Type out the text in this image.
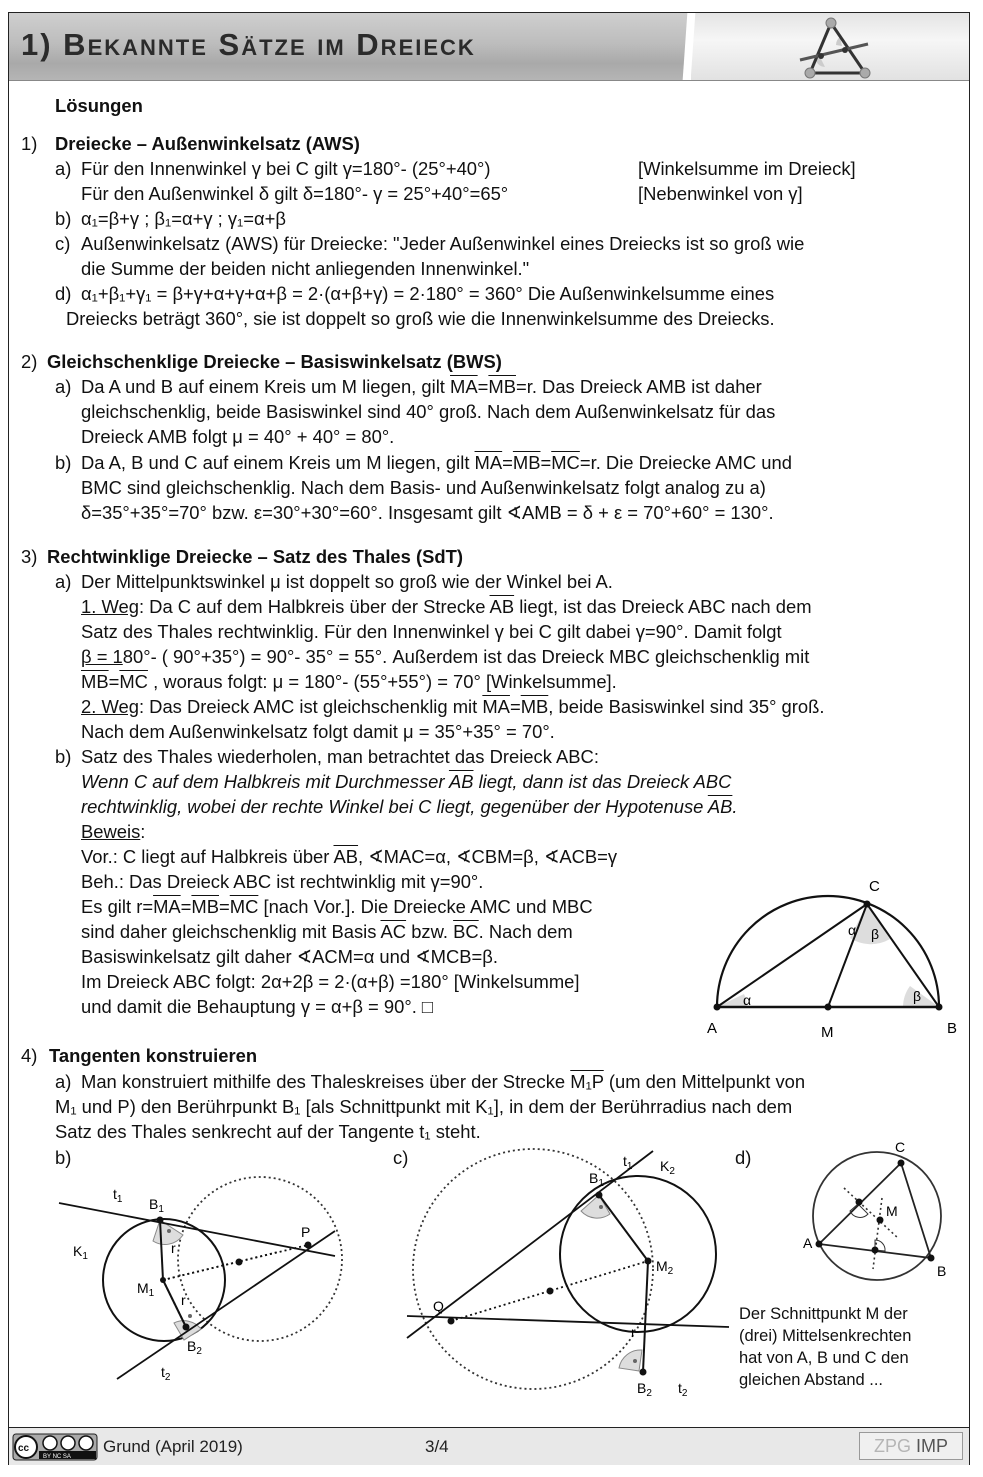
1) Bekannte Sätze im Dreieck
Lösungen
1) Dreiecke – Außenwinkelsatz (AWS)
a) Für den Innenwinkel γ bei C gilt γ=180°- (25°+40°)	[Winkelsumme im Dreieck]
Für den Außenwinkel δ gilt δ=180°- γ = 25°+40°=65°	[Nebenwinkel von γ]
b) α₁=β+γ ; β₁=α+γ ; γ₁=α+β
c) Außenwinkelsatz (AWS) für Dreiecke: "Jeder Außenwinkel eines Dreiecks ist so groß wie
die Summe der beiden nicht anliegenden Innenwinkel."
d) α₁+β₁+γ₁ = β+γ+α+γ+α+β = 2·(α+β+γ) = 2·180° = 360° Die Außenwinkelsumme eines
Dreiecks beträgt 360°, sie ist doppelt so groß wie die Innenwinkelsumme des Dreiecks.
2) Gleichschenklige Dreiecke – Basiswinkelsatz (BWS)
a) Da A und B auf einem Kreis um M liegen, gilt $\overline{MA}=\overline{MB}=r$. Das Dreieck AMB ist daher
gleichschenklig, beide Basiswinkel sind 40° groß. Nach dem Außenwinkelsatz für das
Dreieck AMB folgt μ = 40° + 40° = 80°.
b) Da A, B und C auf einem Kreis um M liegen, gilt $\overline{MA}=\overline{MB}=\overline{MC}=r$. Die Dreiecke AMC und
BMC sind gleichschenklig. Nach dem Basis- und Außenwinkelsatz folgt analog zu a)
δ=35°+35°=70° bzw. ε=30°+30°=60°. Insgesamt gilt ∢AMB = δ + ε = 70°+60° = 130°.
3) Rechtwinklige Dreiecke – Satz des Thales (SdT)
a) Der Mittelpunktswinkel μ ist doppelt so groß wie der Winkel bei A.
1. Weg: Da C auf dem Halbkreis über der Strecke $\overline{AB}$ liegt, ist das Dreieck ABC nach dem
Satz des Thales rechtwinklig. Für den Innenwinkel γ bei C gilt dabei γ=90°. Damit folgt
β = 180°- ( 90°+35°) = 90°- 35° = 55°. Außerdem ist das Dreieck MBC gleichschenklig mit
$\overline{MB}=\overline{MC}$ , woraus folgt: μ = 180°- (55°+55°) = 70° [Winkelsumme].
2. Weg: Das Dreieck AMC ist gleichschenklig mit $\overline{MA}=\overline{MB}$, beide Basiswinkel sind 35° groß.
Nach dem Außenwinkelsatz folgt damit μ = 35°+35° = 70°.
b) Satz des Thales wiederholen, man betrachtet das Dreieck ABC:
Wenn C auf dem Halbkreis mit Durchmesser $\overline{AB}$ liegt, dann ist das Dreieck ABC
rechtwinklig, wobei der rechte Winkel bei C liegt, gegenüber der Hypotenuse $\overline{AB}$.
Beweis:
Vor.: C liegt auf Halbkreis über $\overline{AB}$, ∢MAC=α, ∢CBM=β, ∢ACB=γ
Beh.: Das Dreieck ABC ist rechtwinklig mit γ=90°.
Es gilt $r=\overline{MA}=\overline{MB}=\overline{MC}$ [nach Vor.]. Die Dreiecke AMC und MBC
sind daher gleichschenklig mit Basis $\overline{AC}$ bzw. $\overline{BC}$. Nach dem
Basiswinkelsatz gilt daher ∢ACM=α und ∢MCB=β.
Im Dreieck ABC folgt: 2α+2β = 2·(α+β) =180° [Winkelsumme]
und damit die Behauptung γ = α+β = 90°. □
A	M	B
C
α	β
α β
4) Tangenten konstruieren
a) Man konstruiert mithilfe des Thaleskreises über der Strecke M₁P (um den Mittelpunkt von
M₁ und P) den Berührpunkt B₁ [als Schnittpunkt mit K₁], in dem der Berührradius nach dem
Satz des Thales senkrecht auf der Tangente t₁ steht.
b)	c)	d)
$t_1$ $B_1$
$K_1$
$M_1$
r
r
P
$B_2$
$t_2$
$t_1$
$B_1$
$K_2$
$M_2$
r
Q
$B_2$ $t_2$
A
B
C
M
Der Schnittpunkt M der
(drei) Mittelsenkrechten
hat von A, B und C den
gleichen Abstand ...
cc
BY NC SA
Grund (April 2019)	3/4	ZPG IMP
